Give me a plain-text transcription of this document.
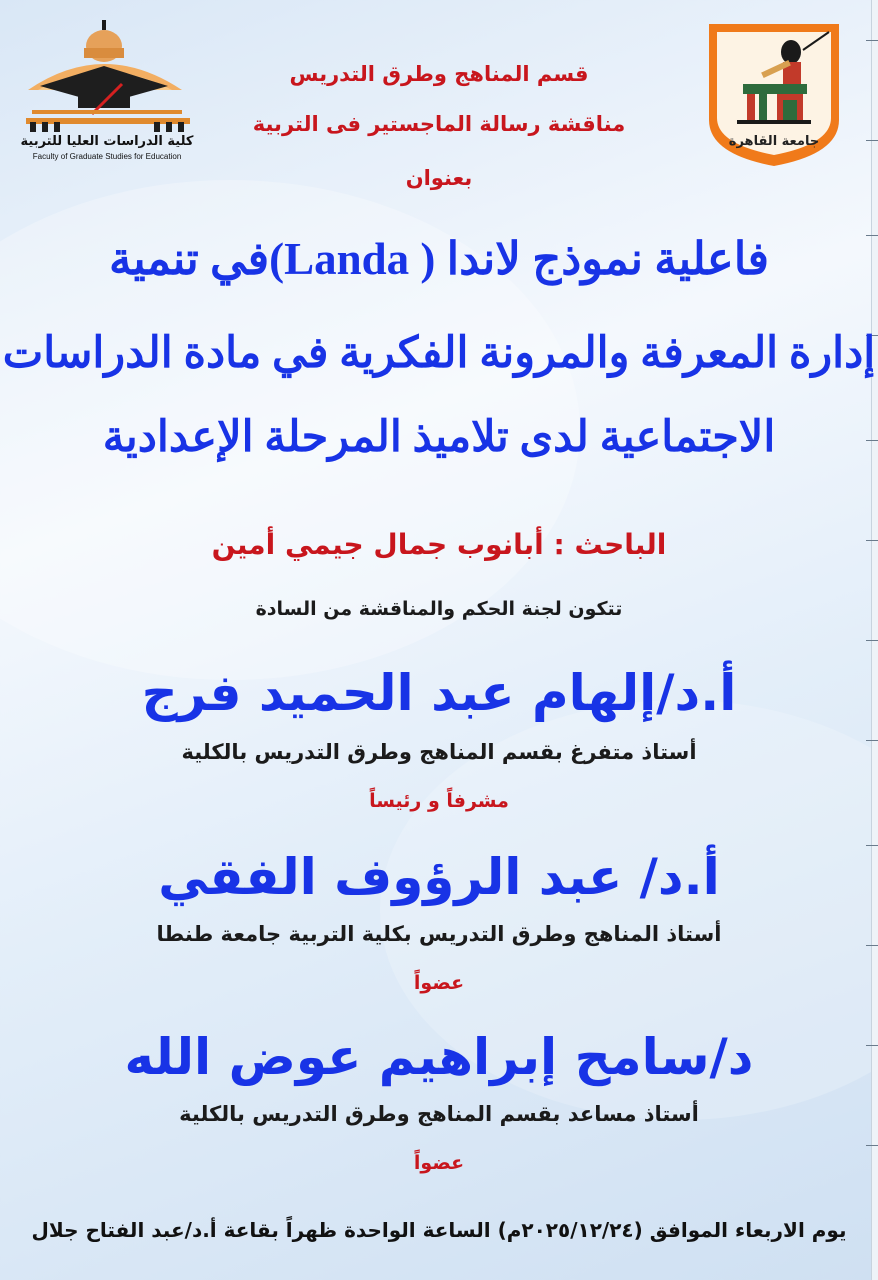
كلية الدراسات العليا للتربية
Faculty of Graduate Studies for Education
جامعة القاهرة
قسم المناهج وطرق التدريس
مناقشة رسالة الماجستير فى التربية
بعنوان
فاعلية نموذج لاندا ( Landa)في تنمية
إدارة المعرفة والمرونة الفكرية في مادة الدراسات
الاجتماعية لدى تلاميذ المرحلة الإعدادية
الباحث : أبانوب جمال جيمي أمين
تتكون لجنة الحكم والمناقشة من السادة
أ.د/إلهام عبد الحميد فرج
أستاذ متفرغ بقسم المناهج وطرق التدريس بالكلية
مشرفاً و رئيساً
أ.د/ عبد الرؤوف الفقي
أستاذ المناهج وطرق التدريس بكلية التربية جامعة طنطا
عضواً
د/سامح إبراهيم عوض الله
أستاذ مساعد بقسم المناهج وطرق التدريس بالكلية
عضواً
يوم الاربعاء الموافق (٢٠٢٥/١٢/٢٤م) الساعة الواحدة ظهراً بقاعة أ.د/عبد الفتاح جلال
